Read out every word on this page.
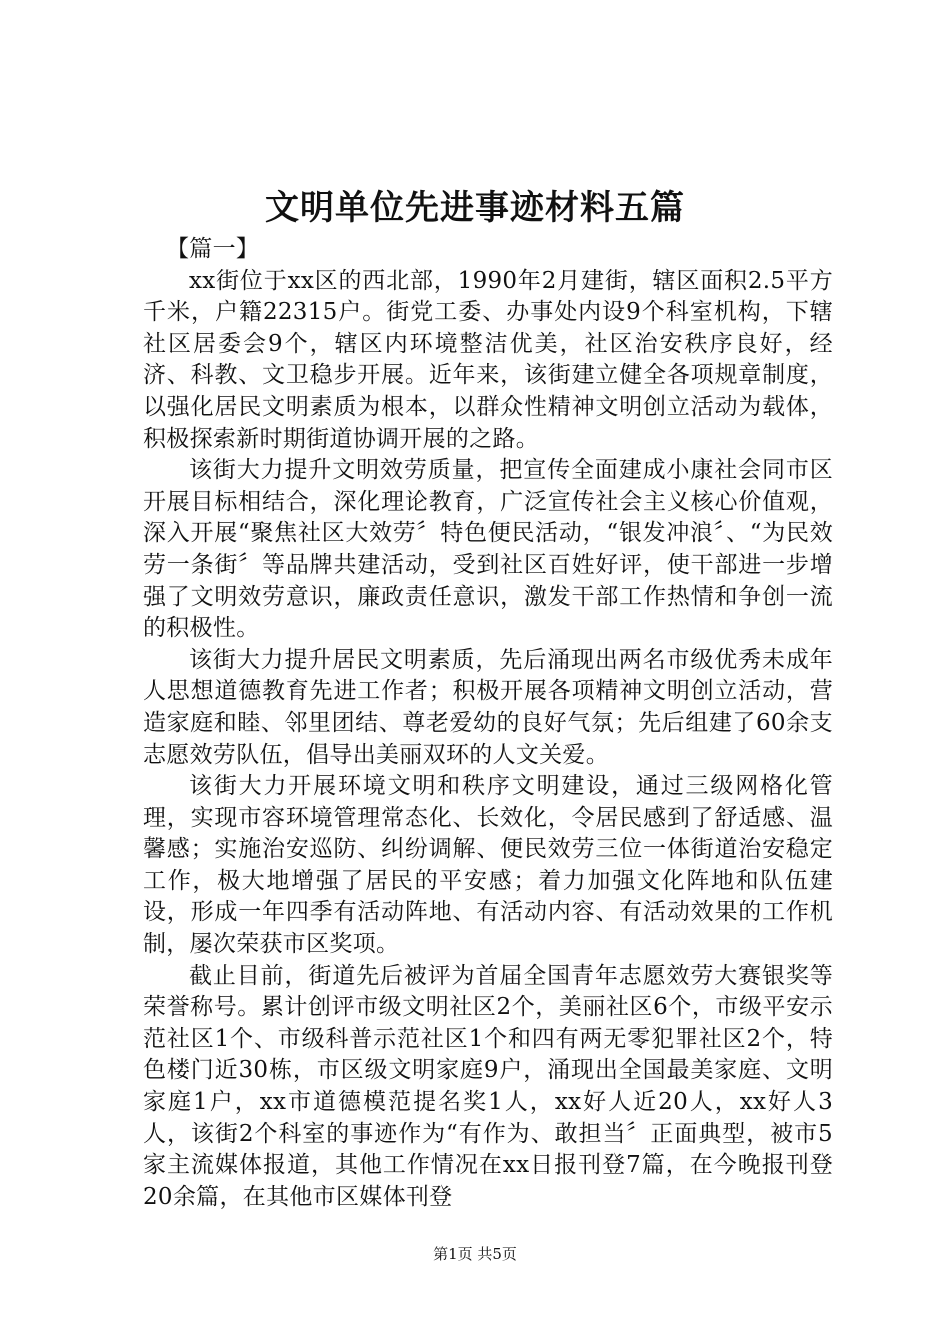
文明单位先进事迹材料五篇

【篇一】

xx街位于xx区的西北部，1990年2月建街，辖区面积2.5平方千米，户籍22315户。街党工委、办事处内设9个科室机构，下辖社区居委会9个，辖区内环境整洁优美，社区治安秩序良好，经济、科教、文卫稳步开展。近年来，该街建立健全各项规章制度，以强化居民文明素质为根本，以群众性精神文明创立活动为载体，积极探索新时期街道协调开展的之路。

该街大力提升文明效劳质量，把宣传全面建成小康社会同市区开展目标相结合，深化理论教育，广泛宣传社会主义核心价值观，深入开展“聚焦社区大效劳〞特色便民活动，“银发冲浪〞、“为民效劳一条街〞等品牌共建活动，受到社区百姓好评，使干部进一步增强了文明效劳意识，廉政责任意识，激发干部工作热情和争创一流的积极性。

该街大力提升居民文明素质，先后涌现出两名市级优秀未成年人思想道德教育先进工作者；积极开展各项精神文明创立活动，营造家庭和睦、邻里团结、尊老爱幼的良好气氛；先后组建了60余支志愿效劳队伍，倡导出美丽双环的人文关爱。

该街大力开展环境文明和秩序文明建设，通过三级网格化管理，实现市容环境管理常态化、长效化，令居民感到了舒适感、温馨感；实施治安巡防、纠纷调解、便民效劳三位一体街道治安稳定工作，极大地增强了居民的平安感；着力加强文化阵地和队伍建设，形成一年四季有活动阵地、有活动内容、有活动效果的工作机制，屡次荣获市区奖项。

截止目前，街道先后被评为首届全国青年志愿效劳大赛银奖等荣誉称号。累计创评市级文明社区2个，美丽社区6个，市级平安示范社区1个、市级科普示范社区1个和四有两无零犯罪社区2个，特色楼门近30栋，市区级文明家庭9户，涌现出全国最美家庭、文明家庭1户，xx市道德模范提名奖1人，xx好人近20人，xx好人3人，该街2个科室的事迹作为“有作为、敢担当〞正面典型，被市5家主流媒体报道，其他工作情况在xx日报刊登7篇，在今晚报刊登20余篇，在其他市区媒体刊登

第1页 共5页
